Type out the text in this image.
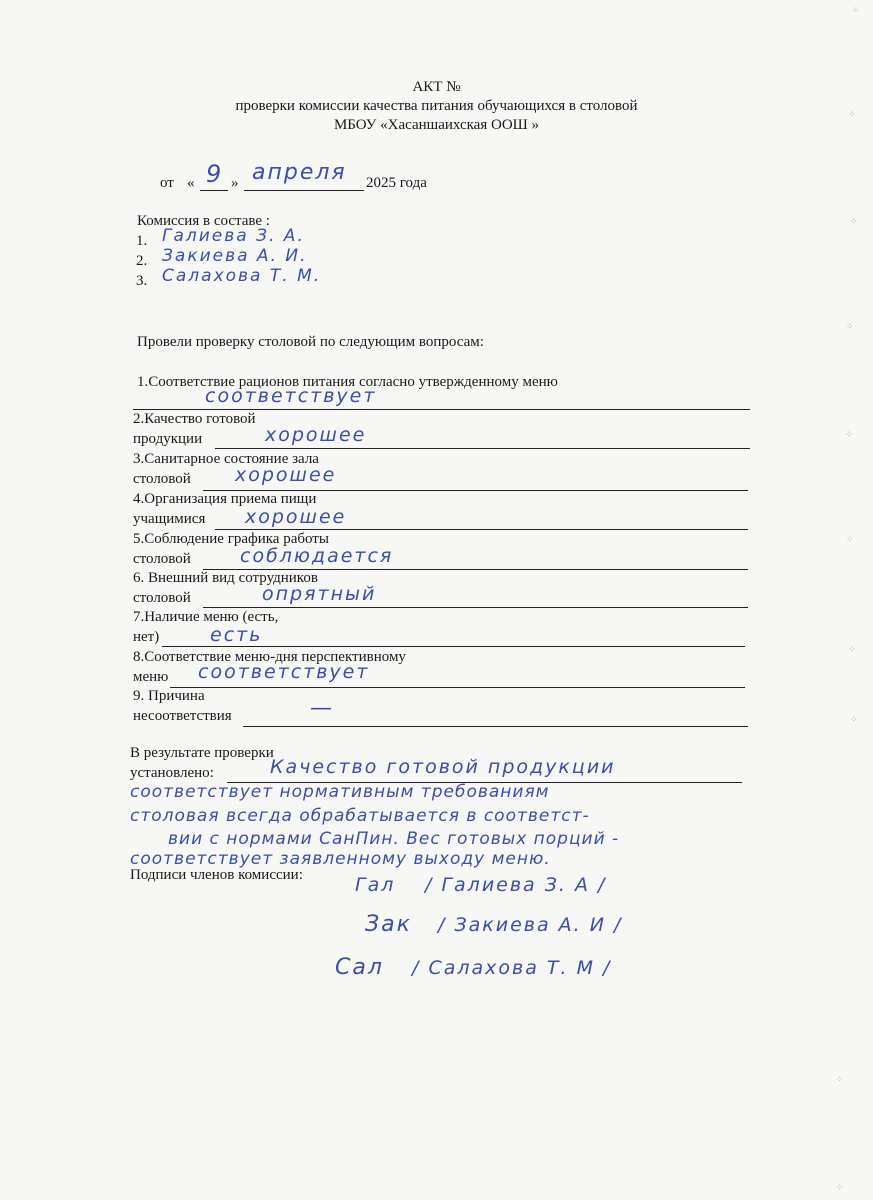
АКТ №
проверки комиссии качества питания обучающихся в столовой
МБОУ «Хасаншаихская ООШ »
от « 9 » апреля 2025 года
Комиссия в составе :
1. Галиева З. А.
2. Закиева А. И.
3. Салахова Т. М.
Провели проверку столовой по следующим вопросам:
1.Соответствие рационов питания согласно утвержденному меню
соответствует
2.Качество готовой
продукции	хорошее
3.Санитарное состояние зала
столовой хорошее
4.Организация приема пищи
учащимися хорошее
5.Соблюдение графика работы
столовой	соблюдается
6. Внешний вид сотрудников
столовой	опрятный
7.Наличие меню (есть,
нет)	есть
8.Соответствие меню-дня перспективному
меню соответствует
9. Причина
несоответствия	—
В результате проверки
установлено:	Качество готовой продукции
соответствует нормативным требованиям
столовая всегда обрабатывается в соответст-
вии с нормами СанПин. Вес готовых порций -
соответствует заявленному выходу меню.
Подписи членов комиссии:	Гал / Галиева З. А /
Зак / Закиева А. И /
Сал / Салахова Т. М /
⁘
⁘
⁘
⁘
⁘
⁘
⁘
⁘
⁘
⁘
